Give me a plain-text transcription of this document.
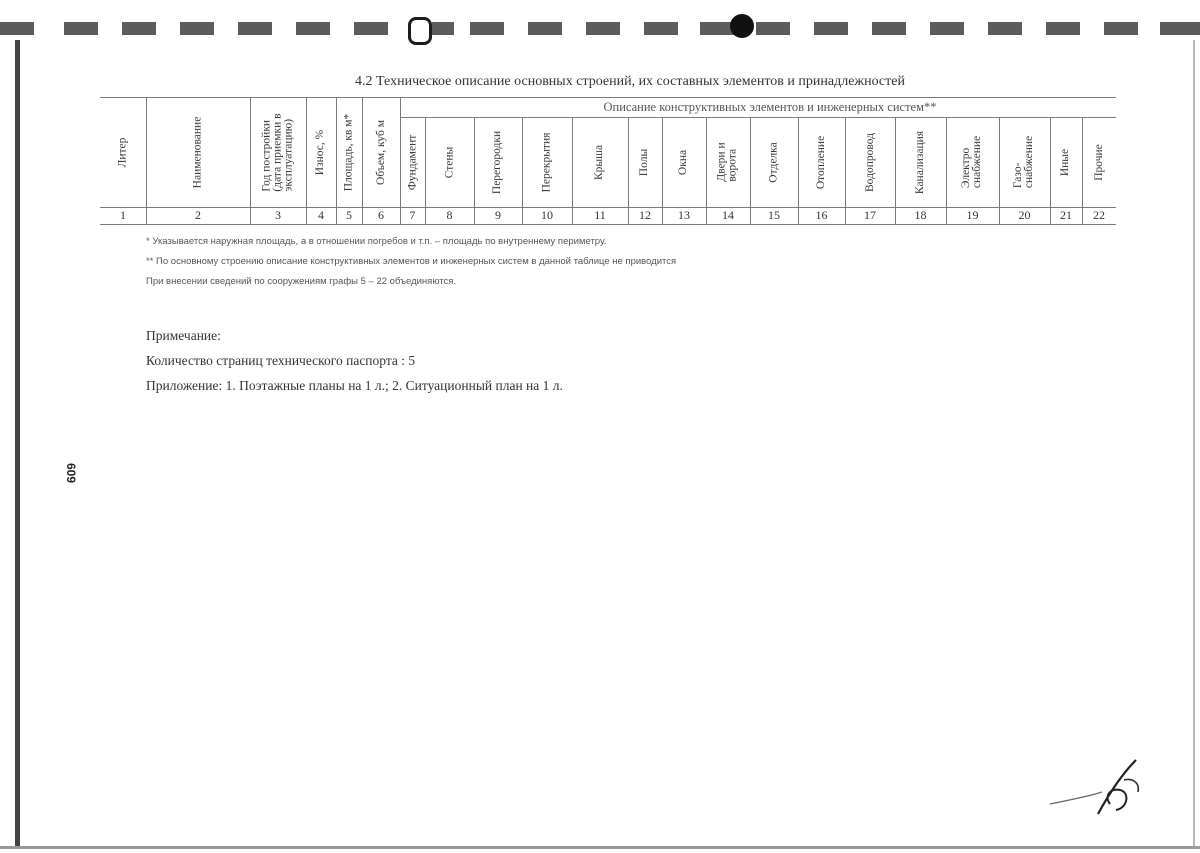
609
4.2 Техническое описание основных строений, их составных элементов и принадлежностей
Описание конструктивных элементов и инженерных систем**
Литер
1
Наименование
2
Год постройки
(дата приемки в
эксплуатацию)
3
Износ, %
4
Площадь, кв м*
5
Объем, куб м
6
Фундамент
7
Стены
8
Перегородки
9
Перекрытия
10
Крыша
11
Полы
12
Окна
13
Двери и
ворота
14
Отделка
15
Отопление
16
Водопровод
17
Канализация
18
Электро
снабжение
19
Газо-
снабжение
20
Иные
21
Прочие
22
* Указывается наружная площадь, а в отношении погребов и т.п. – площадь по внутреннему периметру.
** По основному строению описание конструктивных элементов и инженерных систем в данной таблице не приводится
При внесении сведений по сооружениям графы 5 – 22 объединяются.
Примечание:
Количество страниц технического паспорта : 5
Приложение: 1. Поэтажные планы на 1 л.; 2. Ситуационный план на 1 л.
